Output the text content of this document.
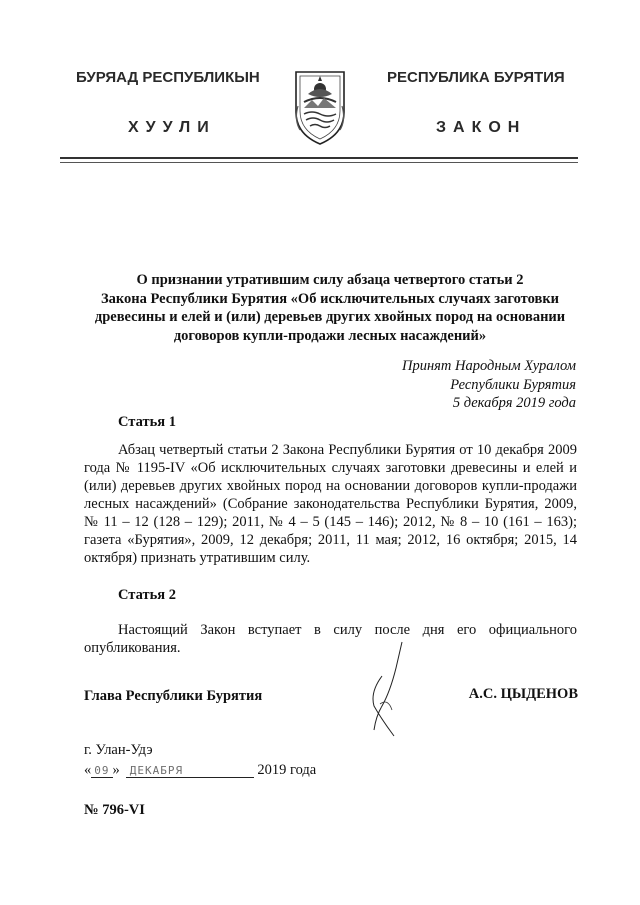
БУРЯАД РЕСПУБЛИКЫН
ХУУЛИ
РЕСПУБЛИКА БУРЯТИЯ
ЗАКОН
О признании утратившим силу абзаца четвертого статьи 2
Закона Республики Бурятия «Об исключительных случаях заготовки
древесины и елей и (или) деревьев других хвойных пород на основании
договоров купли-продажи лесных насаждений»
Принят Народным Хуралом
Республики Бурятия
5 декабря 2019 года
Статья 1
Абзац четвертый статьи 2 Закона Республики Бурятия от 10 декабря 2009 года № 1195-IV «Об исключительных случаях заготовки древесины и елей и (или) деревьев других хвойных пород на основании договоров купли-продажи лесных насаждений» (Собрание законодательства Республики Бурятия, 2009, № 11 – 12 (128 – 129); 2011, № 4 – 5 (145 – 146); 2012, № 8 – 10 (161 – 163); газета «Бурятия», 2009, 12 декабря; 2011, 11 мая; 2012, 16 октября; 2015, 14 октября) признать утратившим силу.
Статья 2
Настоящий Закон вступает в силу после дня его официального опубликования.
Глава Республики Бурятия	А.С. ЦЫДЕНОВ
г. Улан-Удэ
« 09 » ДЕКАБРЯ	2019 года
№ 796-VI
